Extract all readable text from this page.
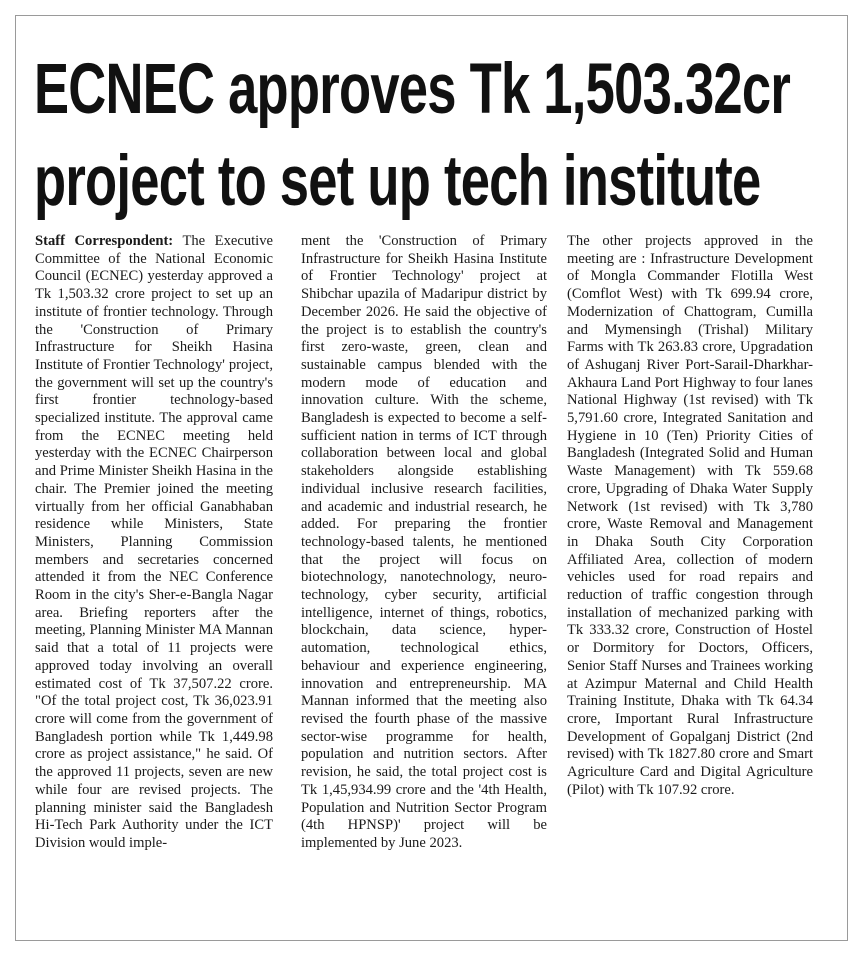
ECNEC approves Tk 1,503.32cr
project to set up tech institute

Staff Correspondent: The Executive Committee of the National Economic Council (ECNEC) yesterday approved a Tk 1,503.32 crore project to set up an institute of frontier technology. Through the 'Construction of Primary Infrastructure for Sheikh Hasina Institute of Frontier Technology' project, the government will set up the country's first frontier technology-based specialized institute. The approval came from the ECNEC meeting held yesterday with the ECNEC Chairperson and Prime Minister Sheikh Hasina in the chair. The Premier joined the meeting virtually from her official Ganabhaban residence while Ministers, State Ministers, Planning Commission members and secretaries concerned attended it from the NEC Conference Room in the city's Sher-e-Bangla Nagar area. Briefing reporters after the meeting, Planning Minister MA Mannan said that a total of 11 projects were approved today involving an overall estimated cost of Tk 37,507.22 crore. "Of the total project cost, Tk 36,023.91 crore will come from the government of Bangladesh portion while Tk 1,449.98 crore as project assistance," he said. Of the approved 11 projects, seven are new while four are revised projects. The planning minister said the Bangladesh Hi-Tech Park Authority under the ICT Division would imple-

ment the 'Construction of Primary Infrastructure for Sheikh Hasina Institute of Frontier Technology' project at Shibchar upazila of Madaripur district by December 2026. He said the objective of the project is to establish the country's first zero-waste, green, clean and sustainable campus blended with the modern mode of education and innovation culture. With the scheme, Bangladesh is expected to become a self-sufficient nation in terms of ICT through collaboration between local and global stakeholders alongside establishing individual inclusive research facilities, and academic and industrial research, he added. For preparing the frontier technology-based talents, he mentioned that the project will focus on biotechnology, nanotechnology, neuro-technology, cyber security, artificial intelligence, internet of things, robotics, blockchain, data science, hyper-automation, technological ethics, behaviour and experience engineering, innovation and entrepreneurship. MA Mannan informed that the meeting also revised the fourth phase of the massive sector-wise programme for health, population and nutrition sectors. After revision, he said, the total project cost is Tk 1,45,934.99 crore and the '4th Health, Population and Nutrition Sector Program (4th HPNSP)' project will be implemented by June 2023.

The other projects approved in the meeting are : Infrastructure Development of Mongla Commander Flotilla West (Comflot West) with Tk 699.94 crore, Modernization of Chattogram, Cumilla and Mymensingh (Trishal) Military Farms with Tk 263.83 crore, Upgradation of Ashuganj River Port-Sarail-Dharkhar-Akhaura Land Port Highway to four lanes National Highway (1st revised) with Tk 5,791.60 crore, Integrated Sanitation and Hygiene in 10 (Ten) Priority Cities of Bangladesh (Integrated Solid and Human Waste Management) with Tk 559.68 crore, Upgrading of Dhaka Water Supply Network (1st revised) with Tk 3,780 crore, Waste Removal and Management in Dhaka South City Corporation Affiliated Area, collection of modern vehicles used for road repairs and reduction of traffic congestion through installation of mechanized parking with Tk 333.32 crore, Construction of Hostel or Dormitory for Doctors, Officers, Senior Staff Nurses and Trainees working at Azimpur Maternal and Child Health Training Institute, Dhaka with Tk 64.34 crore, Important Rural Infrastructure Development of Gopalganj District (2nd revised) with Tk 1827.80 crore and Smart Agriculture Card and Digital Agriculture (Pilot) with Tk 107.92 crore.
